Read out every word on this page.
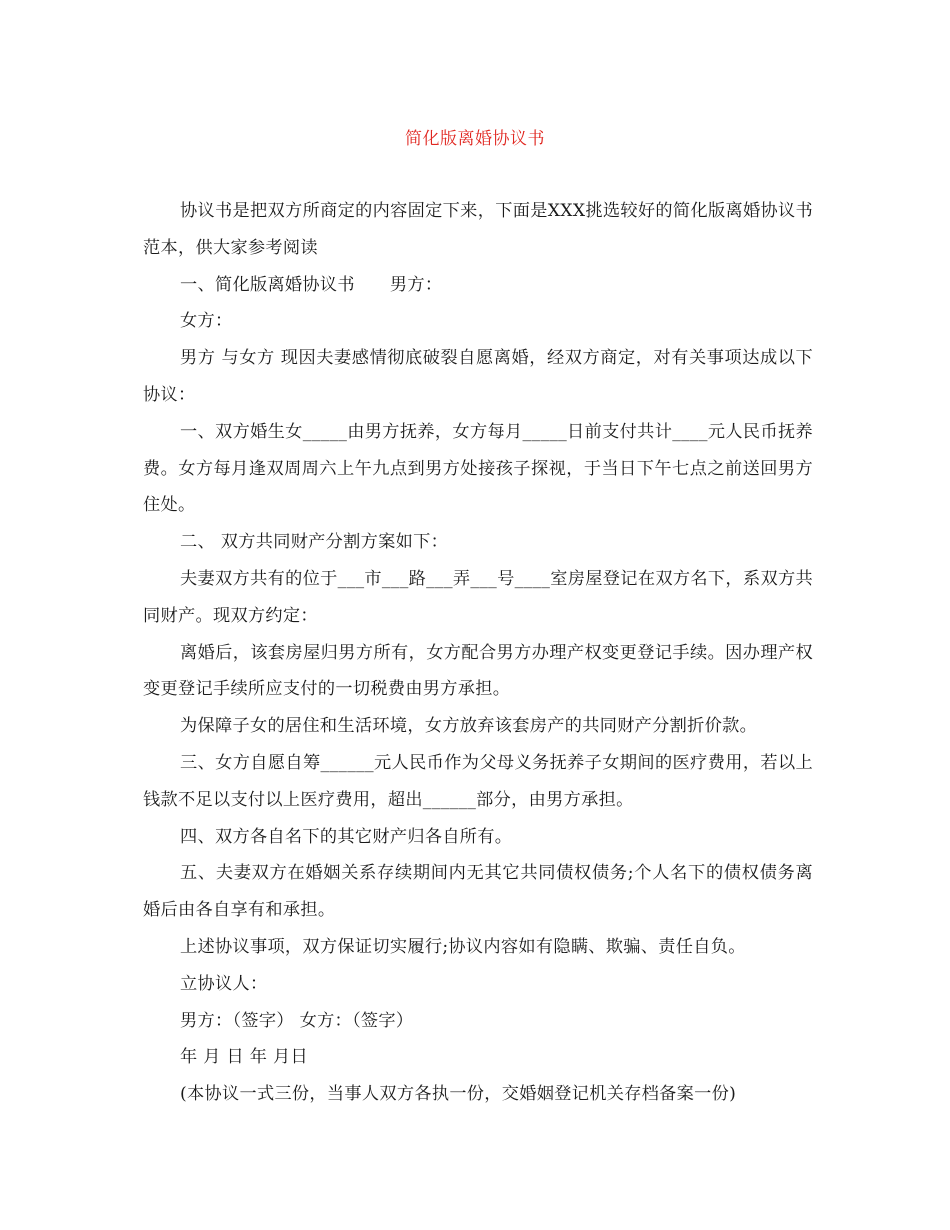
简化版离婚协议书

协议书是把双方所商定的内容固定下来，下面是XXX挑选较好的简化版离婚协议书范本，供大家参考阅读

一、简化版离婚协议书　　男方：

女方：

男方 与女方 现因夫妻感情彻底破裂自愿离婚，经双方商定，对有关事项达成以下协议：

一、双方婚生女_____由男方抚养，女方每月_____日前支付共计____元人民币抚养费。女方每月逢双周周六上午九点到男方处接孩子探视，于当日下午七点之前送回男方住处。

二、 双方共同财产分割方案如下：

夫妻双方共有的位于___市___路___弄___号____室房屋登记在双方名下，系双方共同财产。现双方约定：

离婚后，该套房屋归男方所有，女方配合男方办理产权变更登记手续。因办理产权变更登记手续所应支付的一切税费由男方承担。

为保障子女的居住和生活环境，女方放弃该套房产的共同财产分割折价款。

三、女方自愿自筹______元人民币作为父母义务抚养子女期间的医疗费用，若以上钱款不足以支付以上医疗费用，超出______部分，由男方承担。

四、双方各自名下的其它财产归各自所有。

五、夫妻双方在婚姻关系存续期间内无其它共同债权债务;个人名下的债权债务离婚后由各自享有和承担。

上述协议事项，双方保证切实履行;协议内容如有隐瞒、欺骗、责任自负。

立协议人：

男方：（签字） 女方：（签字）

年 月 日 年 月日

(本协议一式三份，当事人双方各执一份，交婚姻登记机关存档备案一份)
